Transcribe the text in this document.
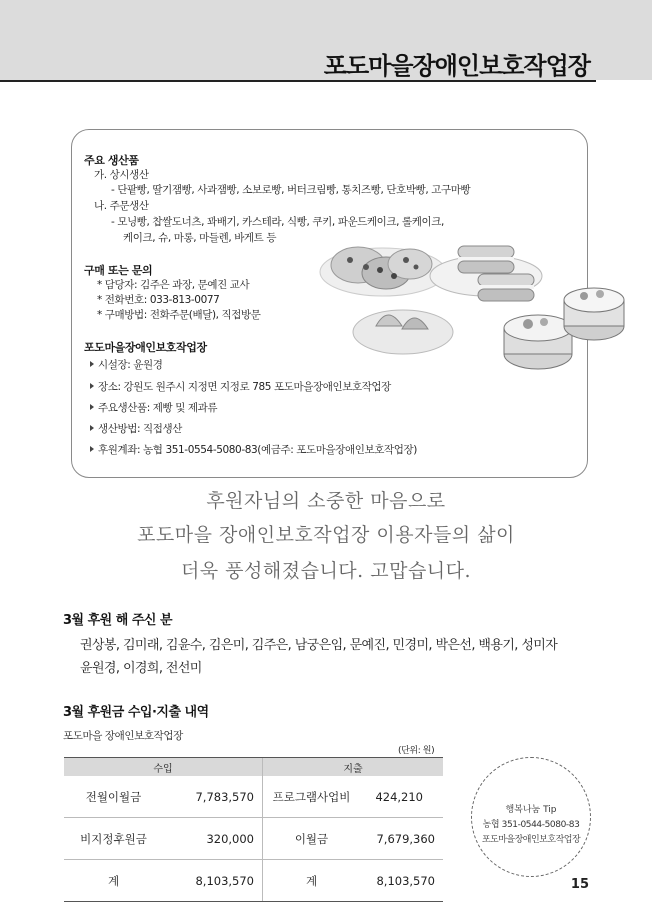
포도마을장애인보호작업장
주요 생산품
가. 상시생산
- 단팥빵, 딸기잼빵, 사과잼빵, 소보로빵, 버터크림빵, 통치즈빵, 단호박빵, 고구마빵
나. 주문생산
- 모닝빵, 찹쌀도너츠, 꽈배기, 카스테라, 식빵, 쿠키, 파운드케이크, 롤케이크,
케이크, 슈, 마롱, 마들렌, 바게트 등
구매 또는 문의
* 담당자: 김주은 과장, 문예진 교사
* 전화번호: 033-813-0077
* 구매방법: 전화주문(배달), 직접방문
포도마을장애인보호작업장
시설장: 윤원경
장소: 강원도 원주시 지정면 지정로 785 포도마을장애인보호작업장
주요생산품: 제빵 및 제과류
생산방법: 직접생산
후원계좌: 농협 351-0554-5080-83(예금주: 포도마을장애인보호작업장)
후원자님의 소중한 마음으로
포도마을 장애인보호작업장 이용자들의 삶이
더욱 풍성해졌습니다. 고맙습니다.
3월 후원 해 주신 분
권상봉, 김미래, 김윤수, 김은미, 김주은, 남궁은임, 문예진, 민경미, 박은선, 백용기, 성미자
윤원경, 이경희, 전선미
3월 후원금 수입·지출 내역
포도마을 장애인보호작업장
(단위: 원)
수입		지출	
전월이월금	7,783,570	프로그램사업비	424,210
비지정후원금	320,000	이월금	7,679,360
계	8,103,570	계	8,103,570
행복나눔 Tip
농협 351-0544-5080-83
포도마을장애인보호작업장
15
